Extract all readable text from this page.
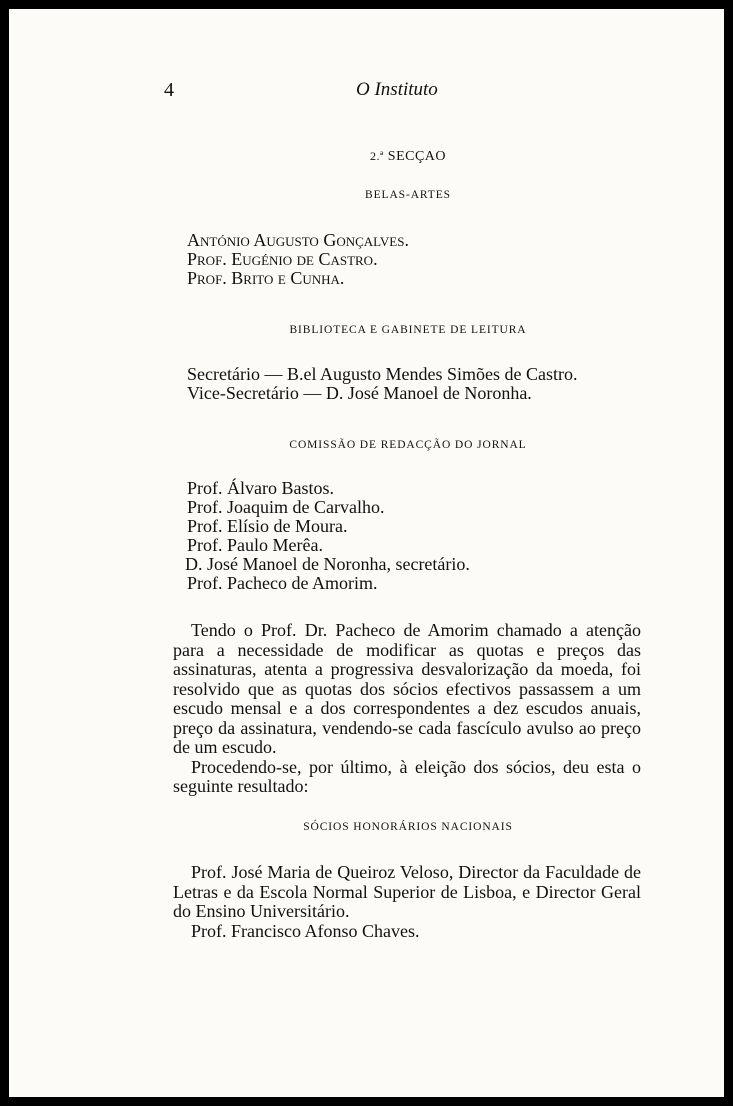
4	O Instituto
2.ª SECÇAO
BELAS-ARTES
António Augusto Gonçalves.
Prof. Eugénio de Castro.
Prof. Brito e Cunha.
BIBLIOTECA E GABINETE DE LEITURA
Secretário — B.el Augusto Mendes Simões de Castro.
Vice-Secretário — D. José Manoel de Noronha.
COMISSÃO DE REDACÇÃO DO JORNAL
Prof. Álvaro Bastos.
Prof. Joaquim de Carvalho.
Prof. Elísio de Moura.
Prof. Paulo Merêa.
D. José Manoel de Noronha, secretário.
Prof. Pacheco de Amorim.

Tendo o Prof. Dr. Pacheco de Amorim chamado a atenção para a necessidade de modificar as quotas e preços das assinaturas, atenta a progressiva desvalorização da moeda, foi resolvido que as quotas dos sócios efectivos passassem a um escudo mensal e a dos correspondentes a dez escudos anuais, preço da assinatura, vendendo-se cada fascículo avulso ao preço de um escudo.

Procedendo-se, por último, à eleição dos sócios, deu esta o seguinte resultado:

SÓCIOS HONORÁRIOS NACIONAIS

Prof. José Maria de Queiroz Veloso, Director da Faculdade de Letras e da Escola Normal Superior de Lisboa, e Director Geral do Ensino Universitário.

Prof. Francisco Afonso Chaves.
